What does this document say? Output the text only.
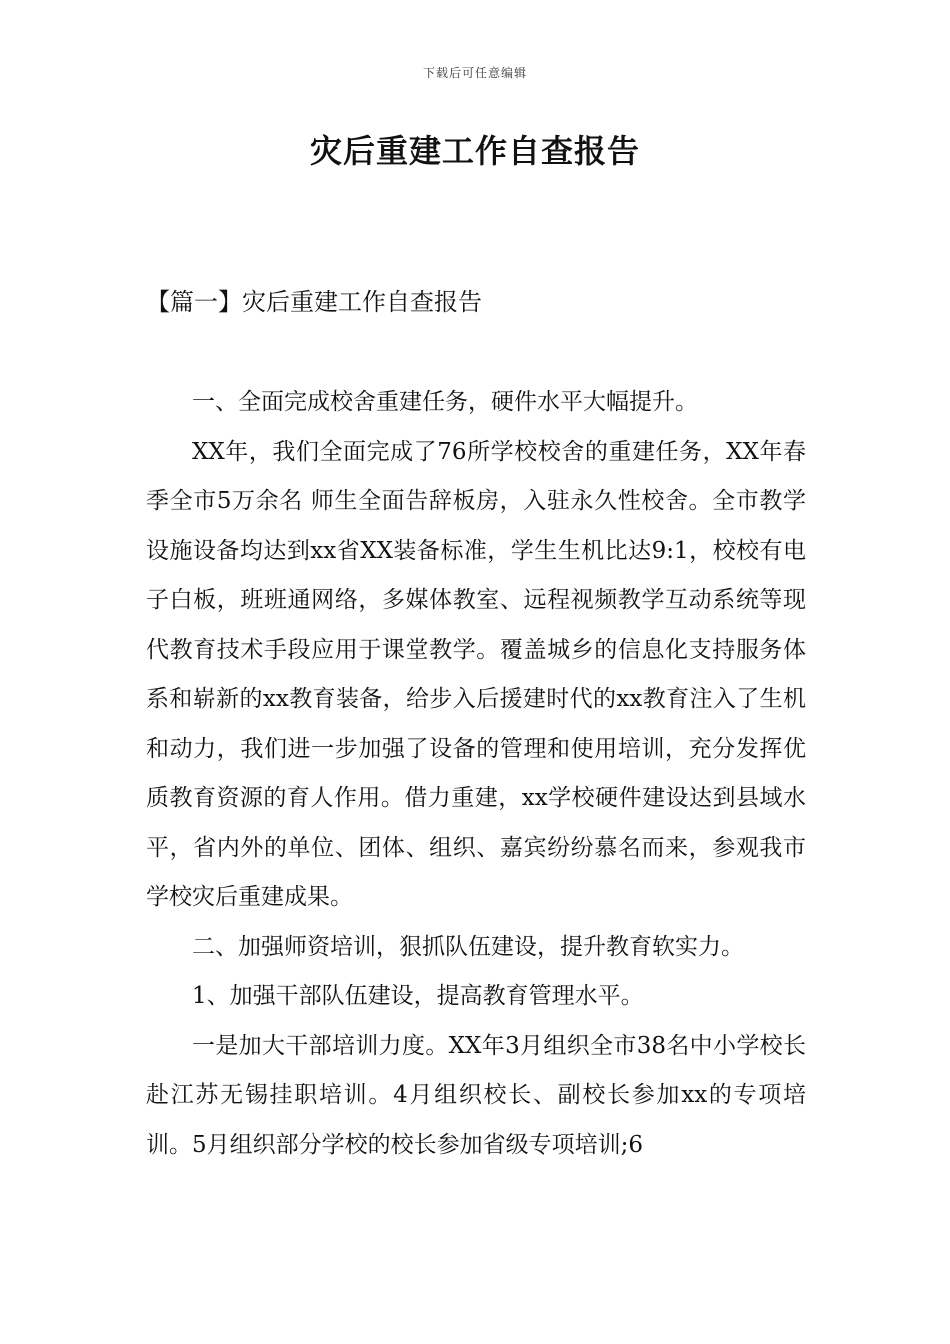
下载后可任意编辑
灾后重建工作自查报告
【篇一】灾后重建工作自查报告

一、全面完成校舍重建任务，硬件水平大幅提升。

XX年，我们全面完成了76所学校校舍的重建任务，XX年春季全市5万余名 师生全面告辞板房，入驻永久性校舍。全市教学设施设备均达到xx省XX装备标准，学生生机比达9:1，校校有电子白板，班班通网络，多媒体教室、远程视频教学互动系统等现代教育技术手段应用于课堂教学。覆盖城乡的信息化支持服务体系和崭新的xx教育装备，给步入后援建时代的xx教育注入了生机和动力，我们进一步加强了设备的管理和使用培训，充分发挥优质教育资源的育人作用。借力重建，xx学校硬件建设达到县域水平，省内外的单位、团体、组织、嘉宾纷纷慕名而来，参观我市学校灾后重建成果。

二、加强师资培训，狠抓队伍建设，提升教育软实力。

1、加强干部队伍建设，提高教育管理水平。

一是加大干部培训力度。XX年3月组织全市38名中小学校长赴江苏无锡挂职培训。4月组织校长、副校长参加xx的专项培训。5月组织部分学校的校长参加省级专项培训;6
